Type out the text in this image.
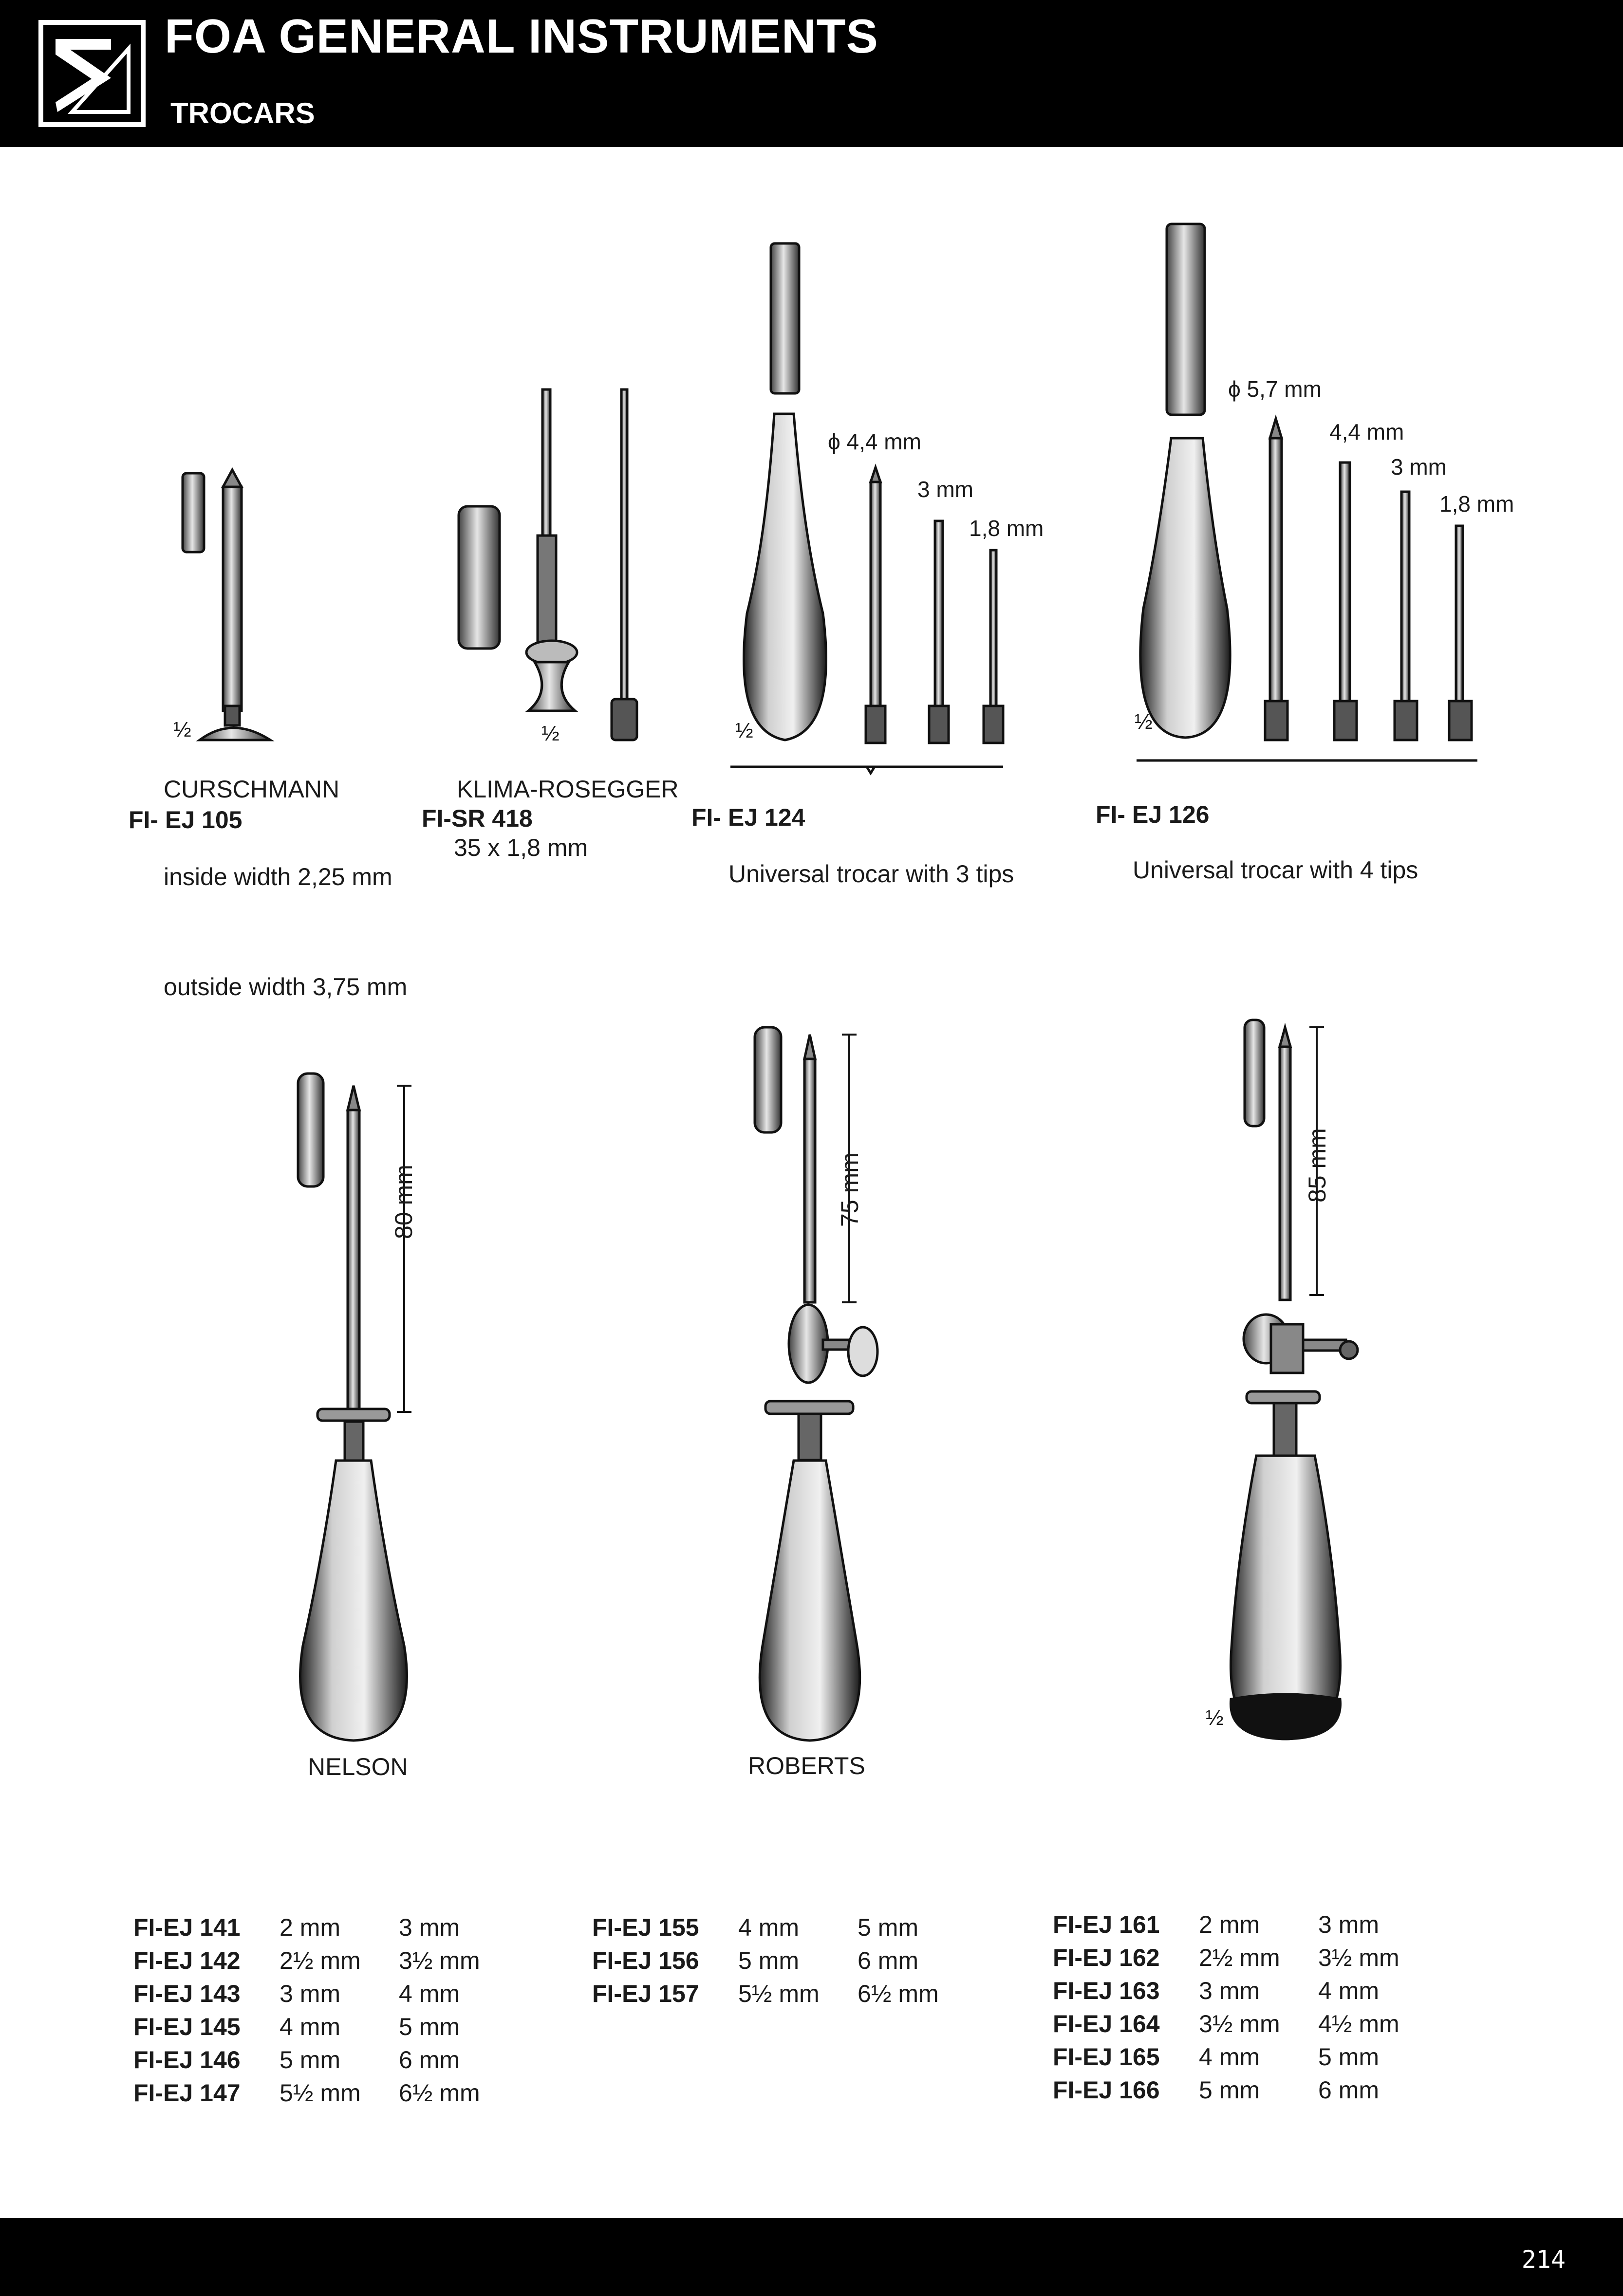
FOA GENERAL INSTRUMENTS
TROCARS
CURSCHMANN
FI- EJ 105
inside width 2,25 mm
outside width 3,75 mm
½
KLIMA-ROSEGGER
FI-SR 418
35 x 1,8 mm
½
FI- EJ 124
Universal trocar with 3 tips
ϕ 4,4 mm
3 mm
1,8 mm
½
FI- EJ 126
Universal trocar with 4 tips
ϕ 5,7 mm
4,4 mm
3 mm
1,8 mm
½
NELSON	ROBERTS
80 mm	75 mm	85 mm
½
FI-EJ 141	2 mm	3 mm
FI-EJ 142	2½ mm	3½ mm
FI-EJ 143	3 mm	4 mm
FI-EJ 145	4 mm	5 mm
FI-EJ 146	5 mm	6 mm
FI-EJ 147	5½ mm	6½ mm
FI-EJ 155	4 mm	5 mm
FI-EJ 156	5 mm	6 mm
FI-EJ 157	5½ mm	6½ mm
FI-EJ 161	2 mm	3 mm
FI-EJ 162	2½ mm	3½ mm
FI-EJ 163	3 mm	4 mm
FI-EJ 164	3½ mm	4½ mm
FI-EJ 165	4 mm	5 mm
FI-EJ 166	5 mm	6 mm
214
